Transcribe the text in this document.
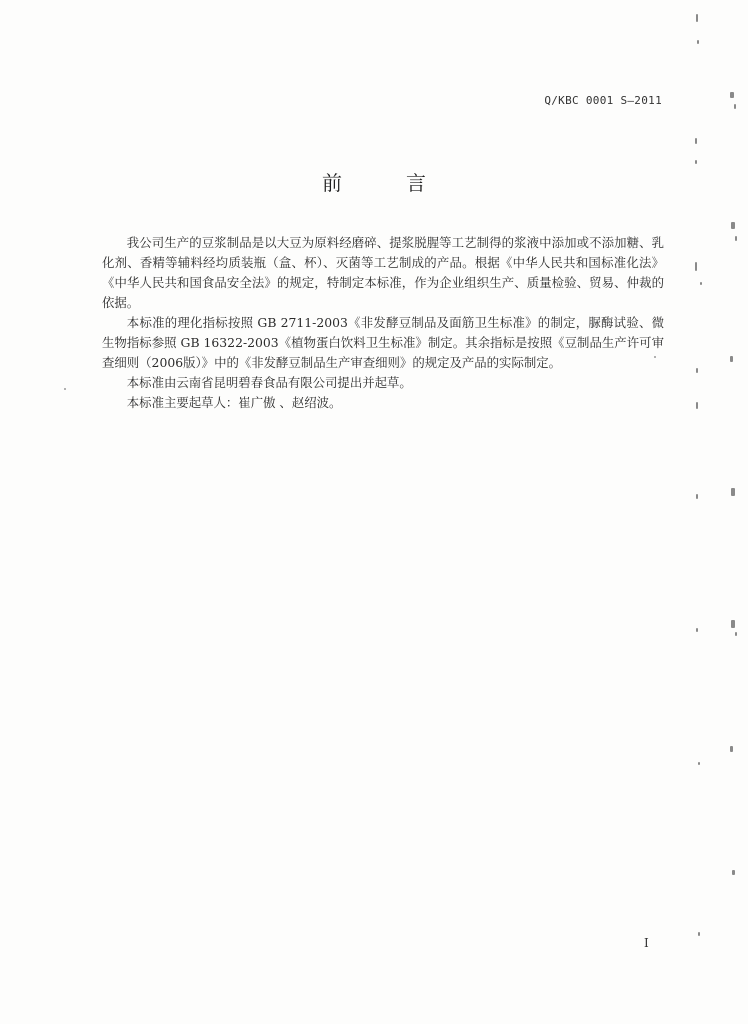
Q/KBC 0001 S—2011
前　言

我公司生产的豆浆制品是以大豆为原料经磨碎、提浆脱腥等工艺制得的浆液中添加或不添加糖、乳化剂、香精等辅料经均质装瓶（盒、杯）、灭菌等工艺制成的产品。根据《中华人民共和国标准化法》《中华人民共和国食品安全法》的规定，特制定本标准，作为企业组织生产、质量检验、贸易、仲裁的依据。

本标准的理化指标按照 GB 2711-2003《非发酵豆制品及面筋卫生标准》的制定，脲酶试验、微生物指标参照 GB 16322-2003《植物蛋白饮料卫生标准》制定。其余指标是按照《豆制品生产许可审查细则（2006版）》中的《非发酵豆制品生产审查细则》的规定及产品的实际制定。

本标准由云南省昆明碧春食品有限公司提出并起草。

本标准主要起草人：崔广傲 、赵绍波。

I
